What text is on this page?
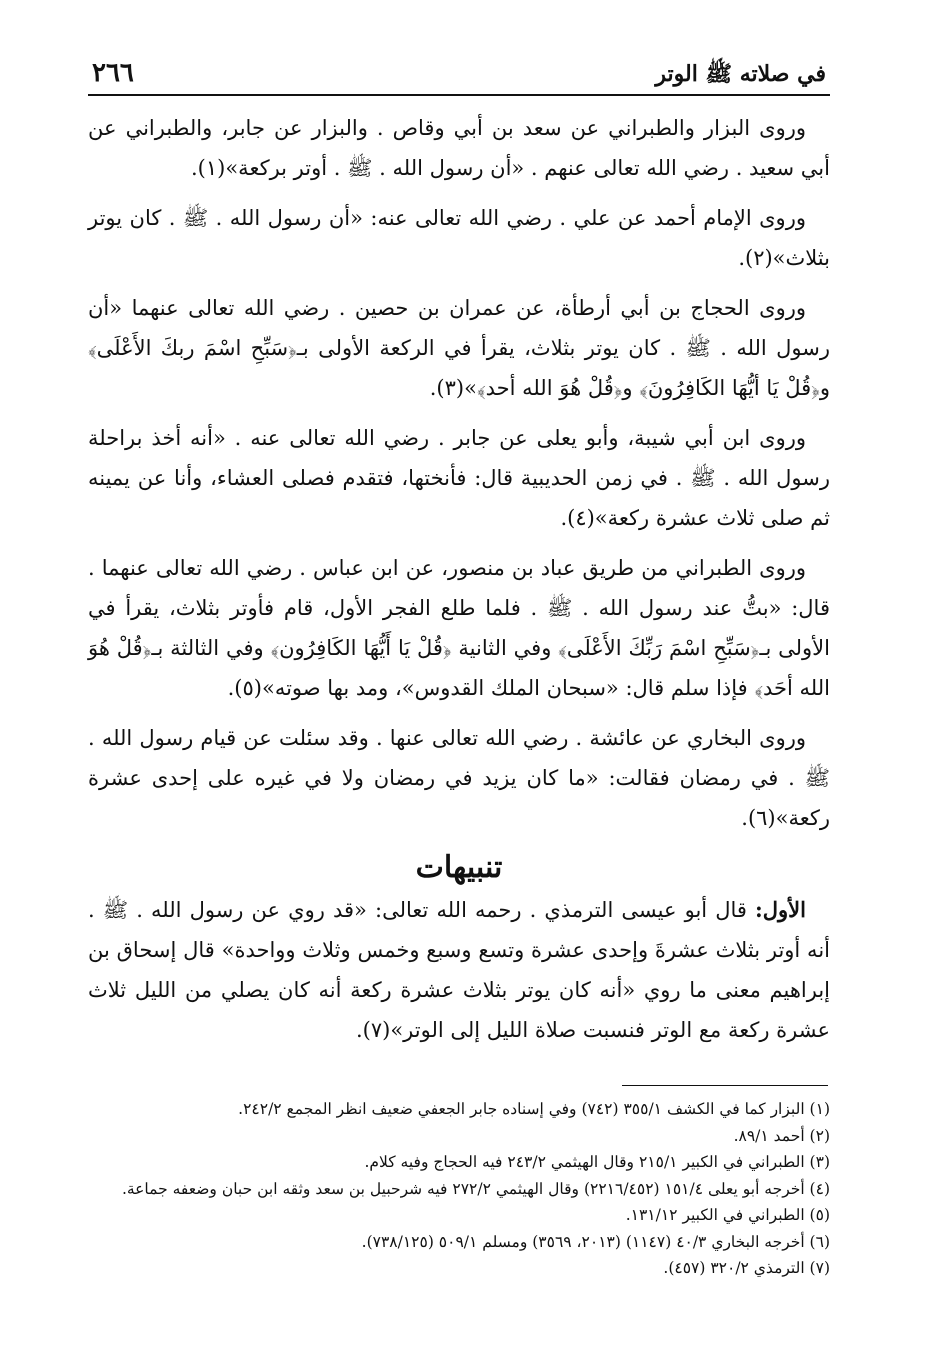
٢٦٦	في صلاته ﷺ الوتر

وروى البزار والطبراني عن سعد بن أبي وقاص . والبزار عن جابر، والطبراني عن أبي سعيد . رضي الله تعالى عنهم . «أن رسول الله . ﷺ . أوتر بركعة»(١).

وروى الإمام أحمد عن علي . رضي الله تعالى عنه: «أن رسول الله . ﷺ . كان يوتر بثلاث»(٢).

وروى الحجاج بن أبي أرطأة، عن عمران بن حصين . رضي الله تعالى عنهما «أن رسول الله . ﷺ . كان يوتر بثلاث، يقرأ في الركعة الأولى بـ﴿سَبِّحِ اسْمَ ربكَ الأَعْلَى﴾ و﴿قُلْ يَا أيُّهَا الكَافِرُونَ﴾ و﴿قُلْ هُوَ الله أحد﴾»(٣).

وروى ابن أبي شيبة، وأبو يعلى عن جابر . رضي الله تعالى عنه . «أنه أخذ براحلة رسول الله . ﷺ . في زمن الحديبية قال: فأنختها، فتقدم فصلى العشاء، وأنا عن يمينه ثم صلى ثلاث عشرة ركعة»(٤).

وروى الطبراني من طريق عباد بن منصور، عن ابن عباس . رضي الله تعالى عنهما . قال: «بتُّ عند رسول الله . ﷺ . فلما طلع الفجر الأول، قام فأوتر بثلاث، يقرأ في الأولى بـ﴿سَبِّحِ اسْمَ رَبِّكَ الأَعْلَى﴾ وفي الثانية ﴿قُلْ يَا أَيُّهَا الكَافِرُون﴾ وفي الثالثة بـ﴿قُلْ هُوَ الله أحَد﴾ فإذا سلم قال: «سبحان الملك القدوس»، ومد بها صوته»(٥).

وروى البخاري عن عائشة . رضي الله تعالى عنها . وقد سئلت عن قيام رسول الله . ﷺ . في رمضان فقالت: «ما كان يزيد في رمضان ولا في غيره على إحدى عشرة ركعة»(٦).

تنبيهات

الأول: قال أبو عيسى الترمذي . رحمه الله تعالى: «قد روي عن رسول الله . ﷺ . أنه أوتر بثلاث عشرةَ وإحدى عشرة وتسع وسبع وخمس وثلاث وواحدة» قال إسحاق بن إبراهيم معنى ما روي «أنه كان يوتر بثلاث عشرة ركعة أنه كان يصلي من الليل ثلاث عشرة ركعة مع الوتر فنسبت صلاة الليل إلى الوتر»(٧).

(١) البزار كما في الكشف ٣٥٥/١ (٧٤٢) وفي إسناده جابر الجعفي ضعيف انظر المجمع ٢٤٢/٢.

(٢) أحمد ٨٩/١.

(٣) الطبراني في الكبير ٢١٥/١ وقال الهيثمي ٢٤٣/٢ فيه الحجاج وفيه كلام.

(٤) أخرجه أبو يعلى ١٥١/٤ (٢٢١٦/٤٥٢) وقال الهيثمي ٢٧٢/٢ فيه شرحبيل بن سعد وثقه ابن حبان وضعفه جماعة.

(٥) الطبراني في الكبير ١٣١/١٢.

(٦) أخرجه البخاري ٤٠/٣ (١١٤٧) (٢٠١٣، ٣٥٦٩) ومسلم ٥٠٩/١ (٧٣٨/١٢٥).

(٧) الترمذي ٣٢٠/٢ (٤٥٧).
